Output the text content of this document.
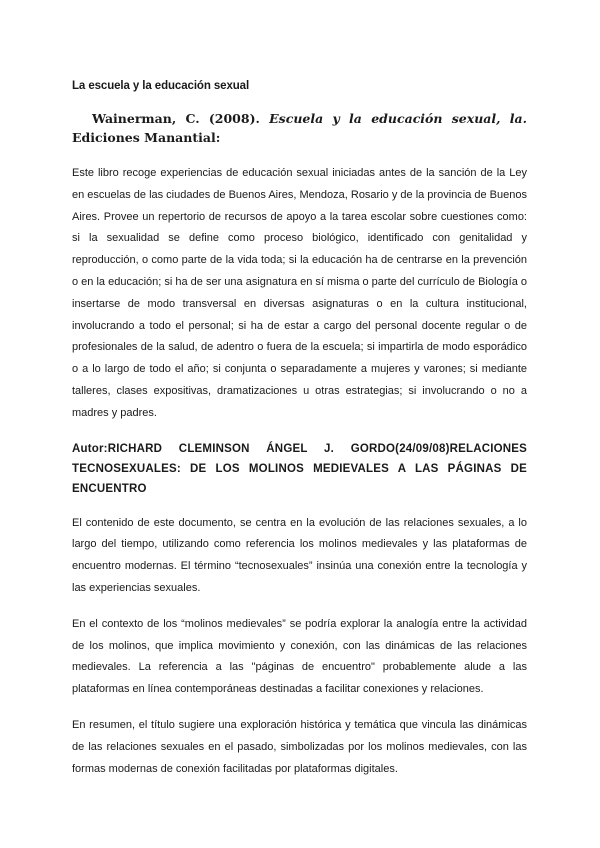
La escuela y la educación sexual
Wainerman, C. (2008). Escuela y la educación sexual, la. Ediciones Manantial:

Este libro recoge experiencias de educación sexual iniciadas antes de la sanción de la Ley en escuelas de las ciudades de Buenos Aires, Mendoza, Rosario y de la provincia de Buenos Aires. Provee un repertorio de recursos de apoyo a la tarea escolar sobre cuestiones como: si la sexualidad se define como proceso biológico, identificado con genitalidad y reproducción, o como parte de la vida toda; si la educación ha de centrarse en la prevención o en la educación; si ha de ser una asignatura en sí misma o parte del currículo de Biología o insertarse de modo transversal en diversas asignaturas o en la cultura institucional, involucrando a todo el personal; si ha de estar a cargo del personal docente regular o de profesionales de la salud, de adentro o fuera de la escuela; si impartirla de modo esporádico o a lo largo de todo el año; si conjunta o separadamente a mujeres y varones; si mediante talleres, clases expositivas, dramatizaciones u otras estrategias; si involucrando o no a madres y padres.

Autor:RICHARD CLEMINSON ÁNGEL J. GORDO(24/09/08)RELACIONES TECNOSEXUALES: DE LOS MOLINOS MEDIEVALES A LAS PÁGINAS DE ENCUENTRO

El contenido de este documento, se centra en la evolución de las relaciones sexuales, a lo largo del tiempo, utilizando como referencia los molinos medievales y las plataformas de encuentro modernas. El término “tecnosexuales” insinúa una conexión entre la tecnología y las experiencias sexuales.

En el contexto de los “molinos medievales” se podría explorar la analogía entre la actividad de los molinos, que implica movimiento y conexión, con las dinámicas de las relaciones medievales. La referencia a las "páginas de encuentro" probablemente alude a las plataformas en línea contemporáneas destinadas a facilitar conexiones y relaciones.

En resumen, el título sugiere una exploración histórica y temática que vincula las dinámicas de las relaciones sexuales en el pasado, simbolizadas por los molinos medievales, con las formas modernas de conexión facilitadas por plataformas digitales.
